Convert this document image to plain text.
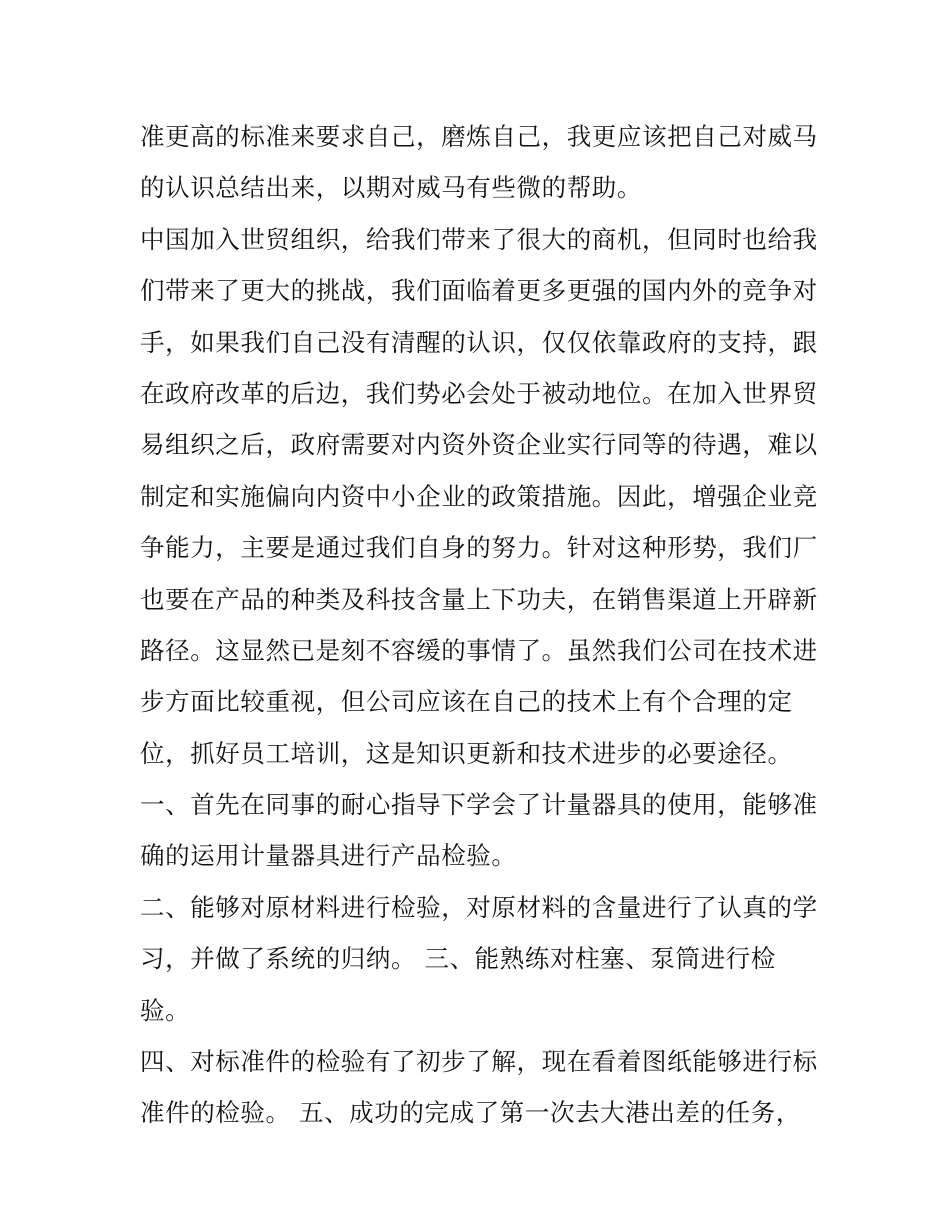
准更高的标准来要求自己，磨炼自己，我更应该把自己对威马
的认识总结出来，以期对威马有些微的帮助。
中国加入世贸组织，给我们带来了很大的商机，但同时也给我
们带来了更大的挑战，我们面临着更多更强的国内外的竞争对
手，如果我们自己没有清醒的认识，仅仅依靠政府的支持，跟
在政府改革的后边，我们势必会处于被动地位。在加入世界贸
易组织之后，政府需要对内资外资企业实行同等的待遇，难以
制定和实施偏向内资中小企业的政策措施。因此，增强企业竞
争能力，主要是通过我们自身的努力。针对这种形势，我们厂
也要在产品的种类及科技含量上下功夫，在销售渠道上开辟新
路径。这显然已是刻不容缓的事情了。虽然我们公司在技术进
步方面比较重视，但公司应该在自己的技术上有个合理的定
位，抓好员工培训，这是知识更新和技术进步的必要途径。
一、首先在同事的耐心指导下学会了计量器具的使用，能够准
确的运用计量器具进行产品检验。
二、能够对原材料进行检验，对原材料的含量进行了认真的学
习，并做了系统的归纳。 三、能熟练对柱塞、泵筒进行检
验。
四、对标准件的检验有了初步了解，现在看着图纸能够进行标
准件的检验。 五、成功的完成了第一次去大港出差的任务，
